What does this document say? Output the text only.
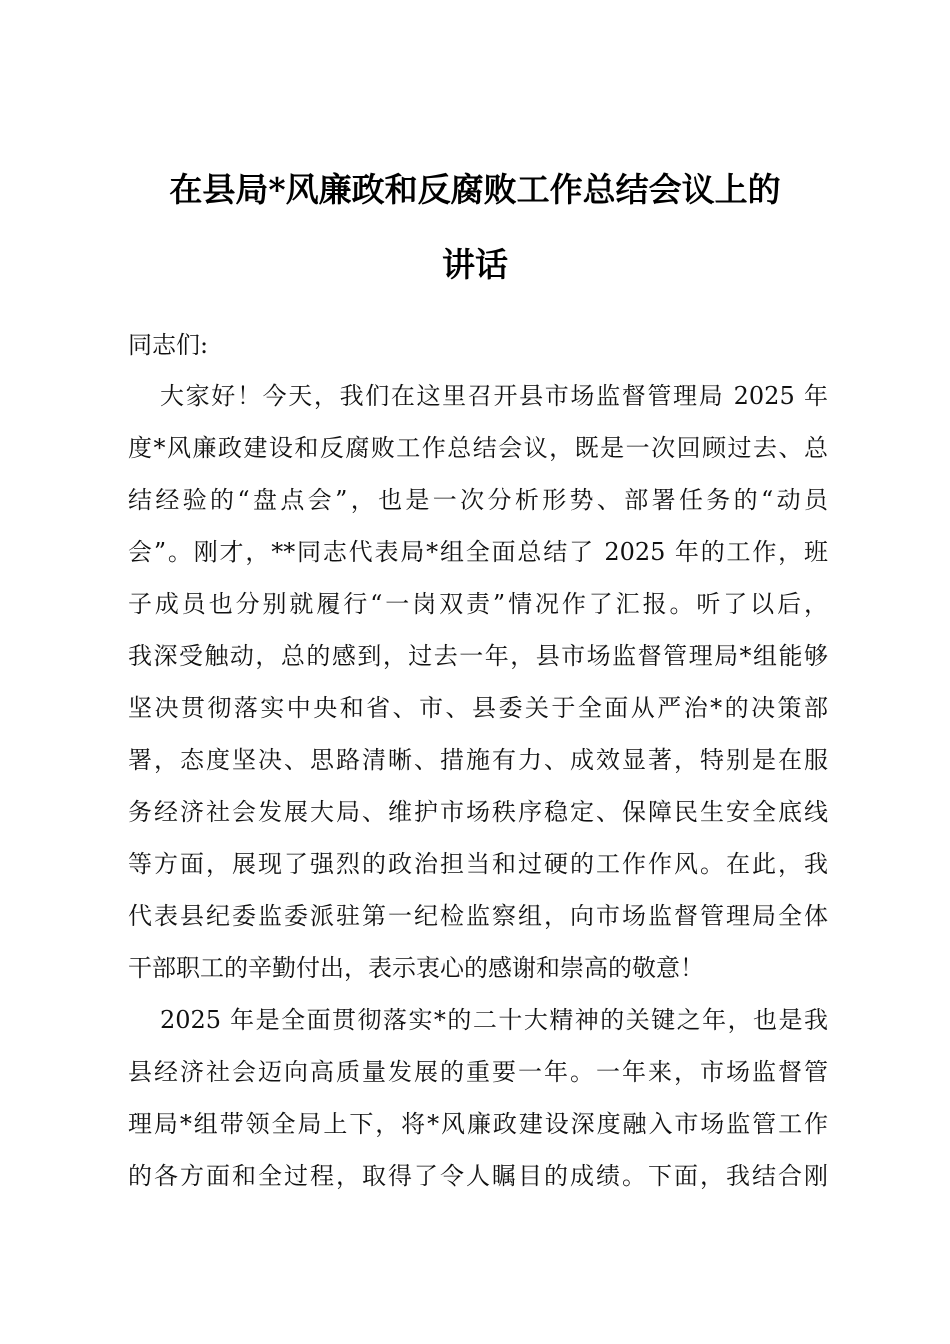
在县局*风廉政和反腐败工作总结会议上的
讲话
同志们:
大家好！今天，我们在这里召开县市场监督管理局 2025 年
度*风廉政建设和反腐败工作总结会议，既是一次回顾过去、总
结经验的“盘点会”，也是一次分析形势、部署任务的“动员
会”。刚才，**同志代表局*组全面总结了 2025 年的工作，班
子成员也分别就履行“一岗双责”情况作了汇报。听了以后，
我深受触动，总的感到，过去一年，县市场监督管理局*组能够
坚决贯彻落实中央和省、市、县委关于全面从严治*的决策部
署，态度坚决、思路清晰、措施有力、成效显著，特别是在服
务经济社会发展大局、维护市场秩序稳定、保障民生安全底线
等方面，展现了强烈的政治担当和过硬的工作作风。在此，我
代表县纪委监委派驻第一纪检监察组，向市场监督管理局全体
干部职工的辛勤付出，表示衷心的感谢和崇高的敬意！
2025 年是全面贯彻落实*的二十大精神的关键之年，也是我
县经济社会迈向高质量发展的重要一年。一年来，市场监督管
理局*组带领全局上下，将*风廉政建设深度融入市场监管工作
的各方面和全过程，取得了令人瞩目的成绩。下面，我结合刚
